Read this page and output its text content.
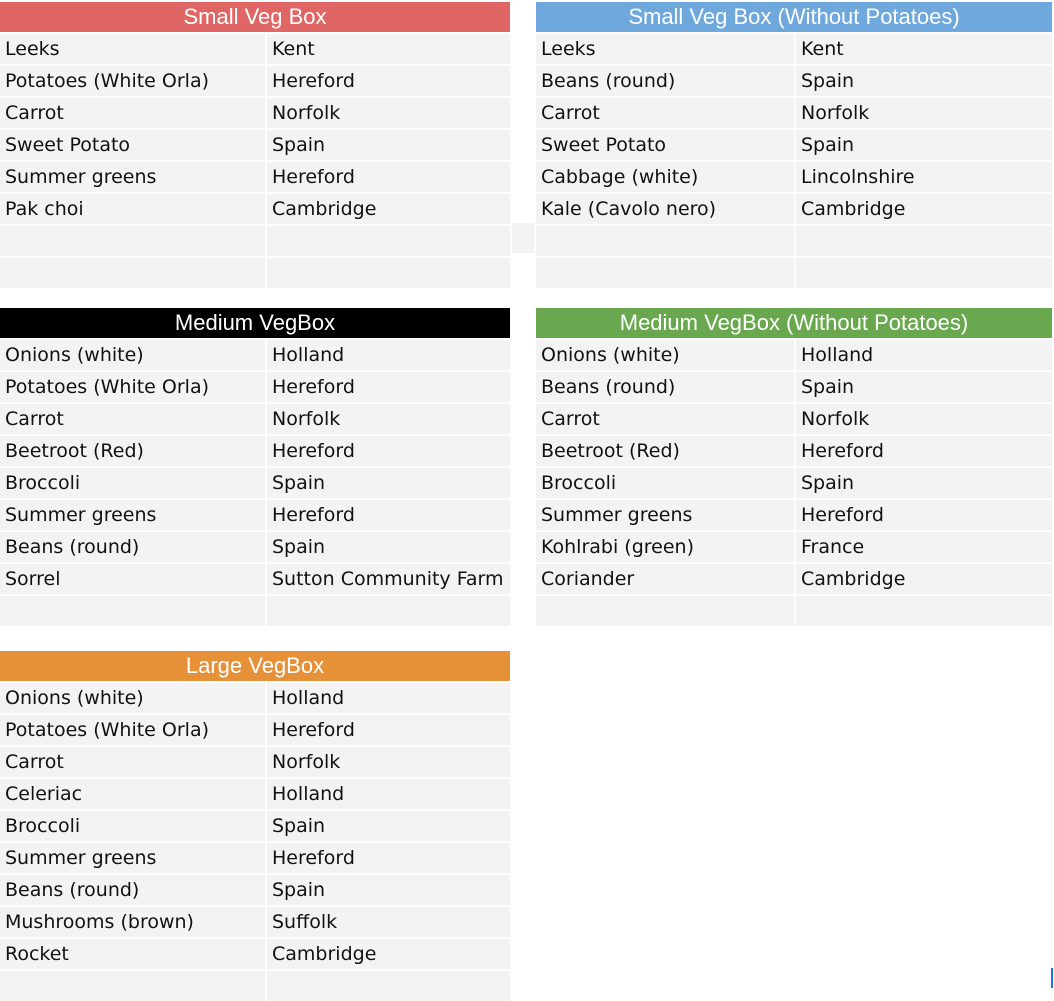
Small Veg Box
Leeks	Kent
Potatoes (White Orla)	Hereford
Carrot	Norfolk
Sweet Potato	Spain
Summer greens	Hereford
Pak choi	Cambridge
Small Veg Box (Without Potatoes)
Leeks	Kent
Beans (round)	Spain
Carrot	Norfolk
Sweet Potato	Spain
Cabbage (white)	Lincolnshire
Kale (Cavolo nero)	Cambridge
Medium VegBox
Onions (white)	Holland
Potatoes (White Orla)	Hereford
Carrot	Norfolk
Beetroot (Red)	Hereford
Broccoli	Spain
Summer greens	Hereford
Beans (round)	Spain
Sorrel	Sutton Community Farm
Medium VegBox (Without Potatoes)
Onions (white)	Holland
Beans (round)	Spain
Carrot	Norfolk
Beetroot (Red)	Hereford
Broccoli	Spain
Summer greens	Hereford
Kohlrabi (green)	France
Coriander	Cambridge
Large VegBox
Onions (white)	Holland
Potatoes (White Orla)	Hereford
Carrot	Norfolk
Celeriac	Holland
Broccoli	Spain
Summer greens	Hereford
Beans (round)	Spain
Mushrooms (brown)	Suffolk
Rocket	Cambridge
